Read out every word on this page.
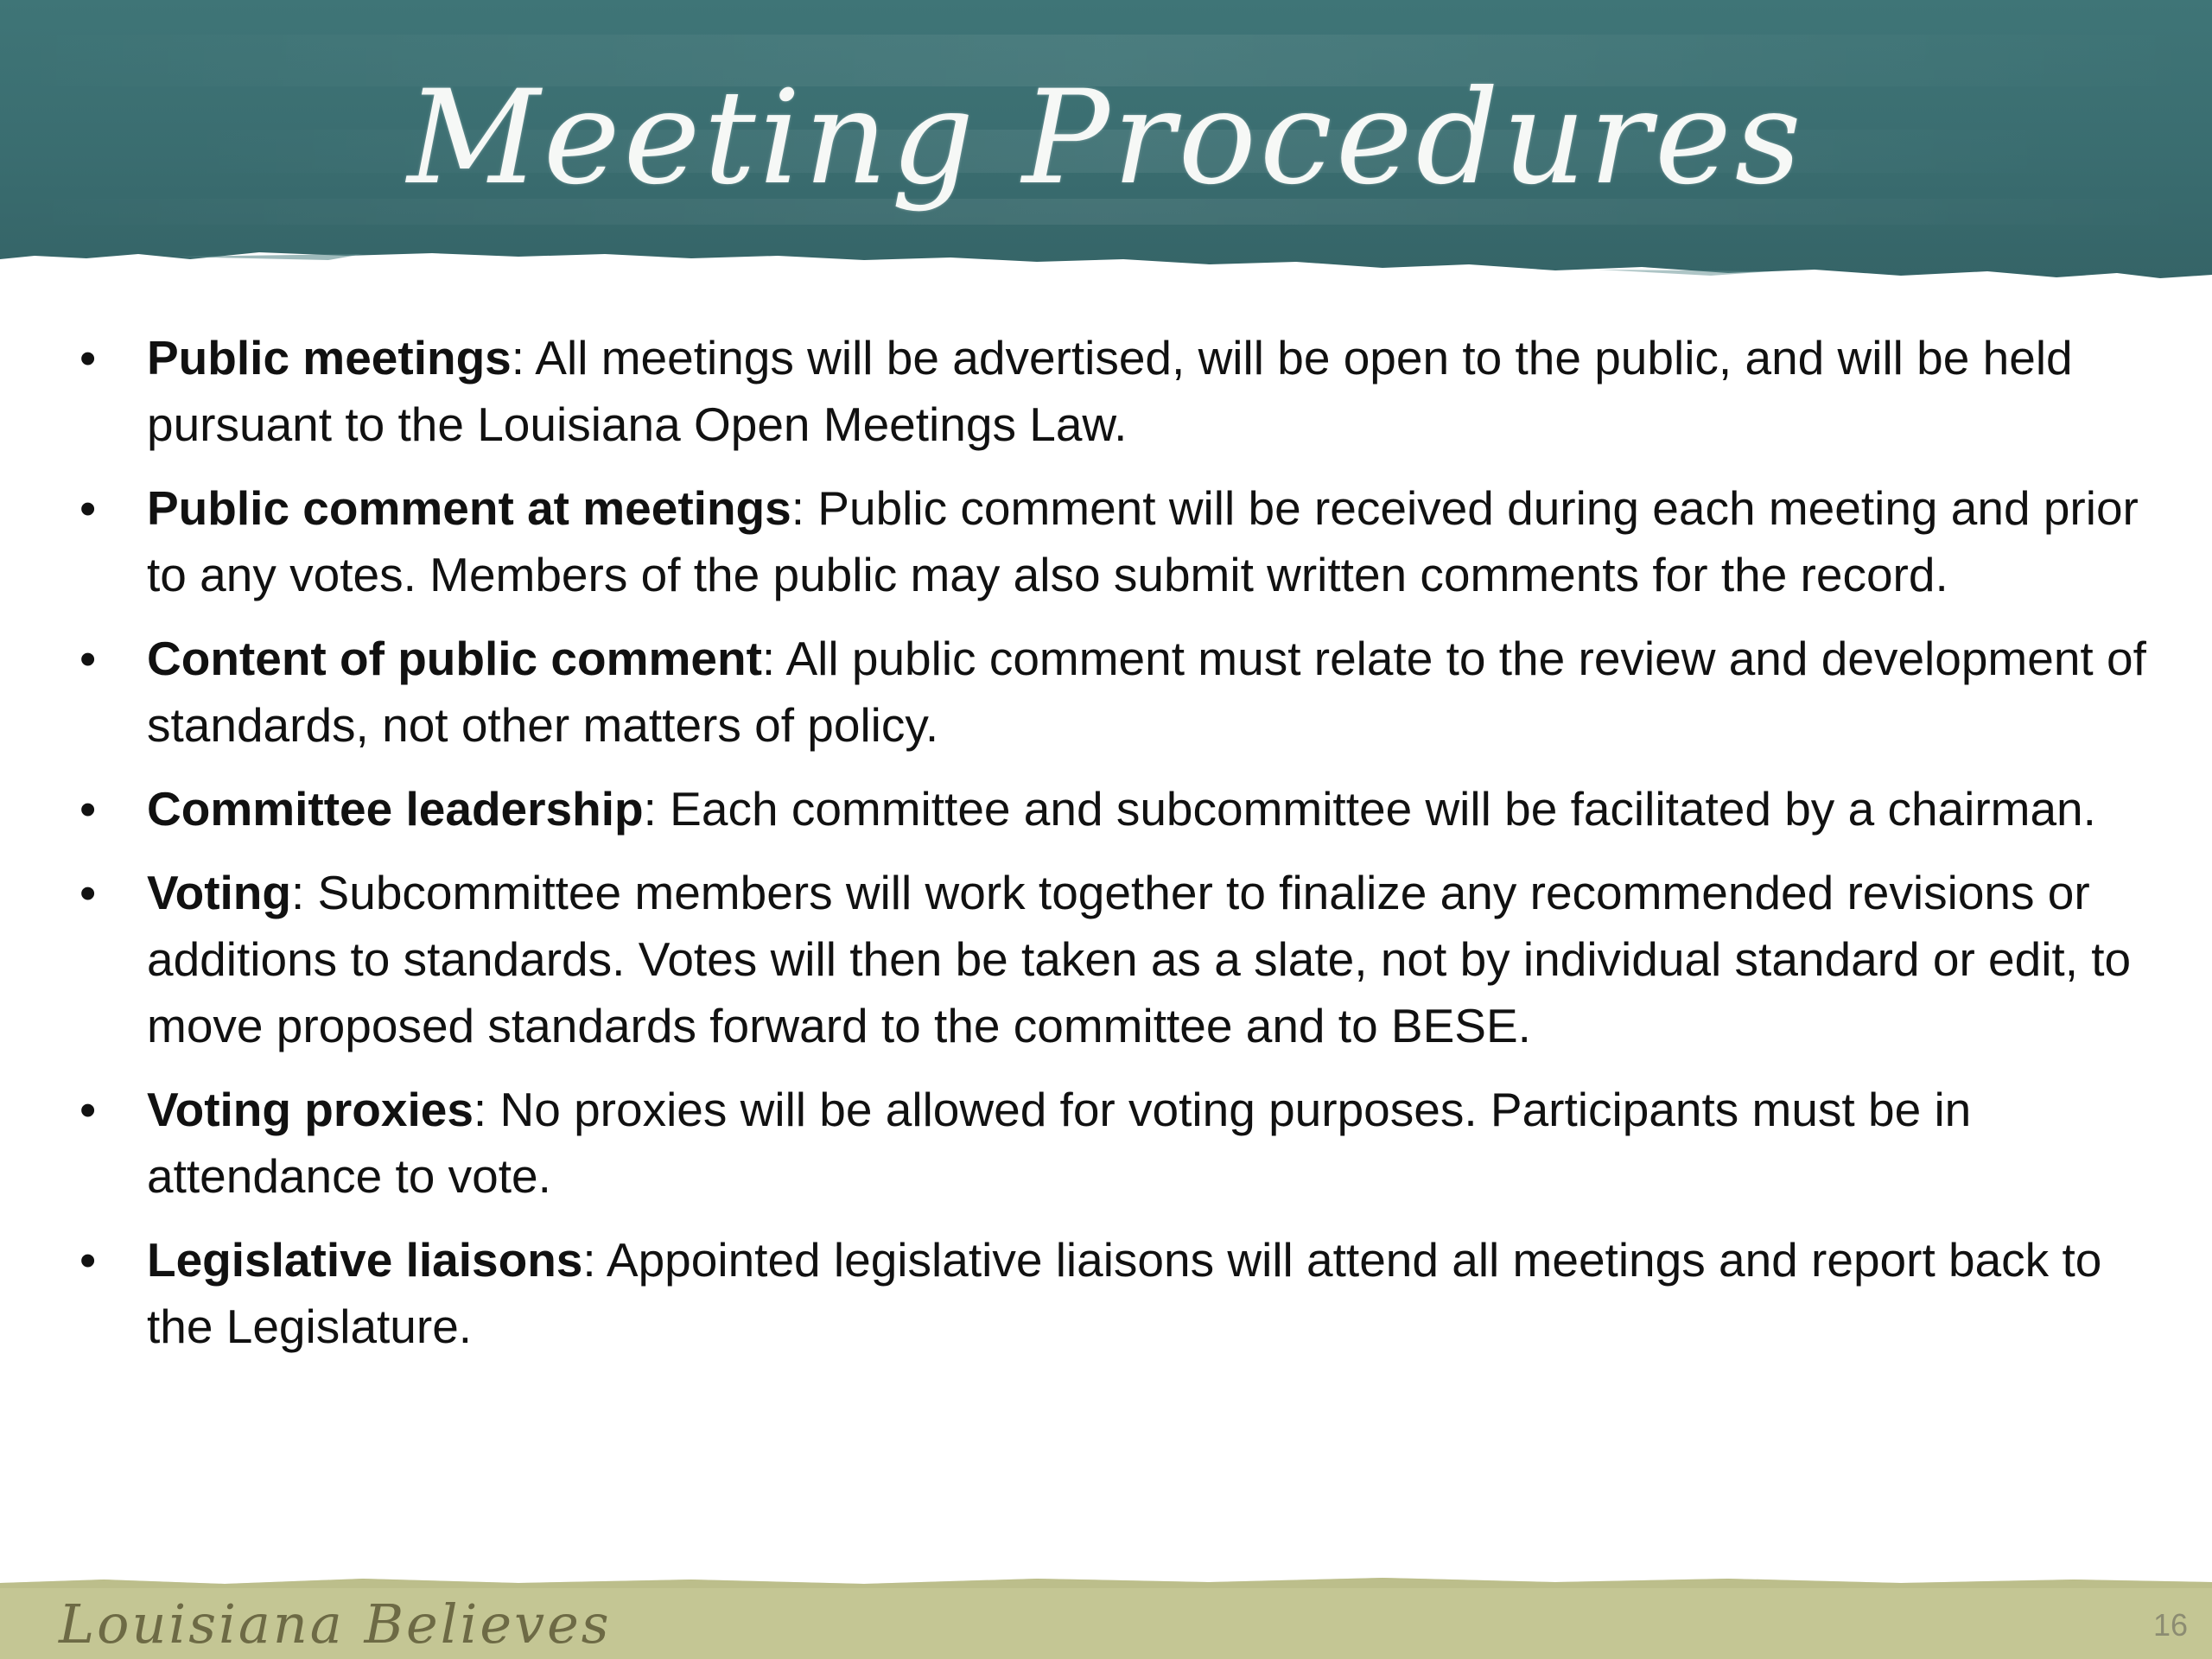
Meeting Procedures
• Public meetings: All meetings will be advertised, will be open to the public, and will be held pursuant to the Louisiana Open Meetings Law.
• Public comment at meetings: Public comment will be received during each meeting and prior to any votes. Members of the public may also submit written comments for the record.
• Content of public comment: All public comment must relate to the review and development of standards, not other matters of policy.
• Committee leadership: Each committee and subcommittee will be facilitated by a chairman.
• Voting: Subcommittee members will work together to finalize any recommended revisions or additions to standards. Votes will then be taken as a slate, not by individual standard or edit, to move proposed standards forward to the committee and to BESE.
• Voting proxies: No proxies will be allowed for voting purposes. Participants must be in attendance to vote.
• Legislative liaisons: Appointed legislative liaisons will attend all meetings and report back to the Legislature.
Louisiana Believes	16
